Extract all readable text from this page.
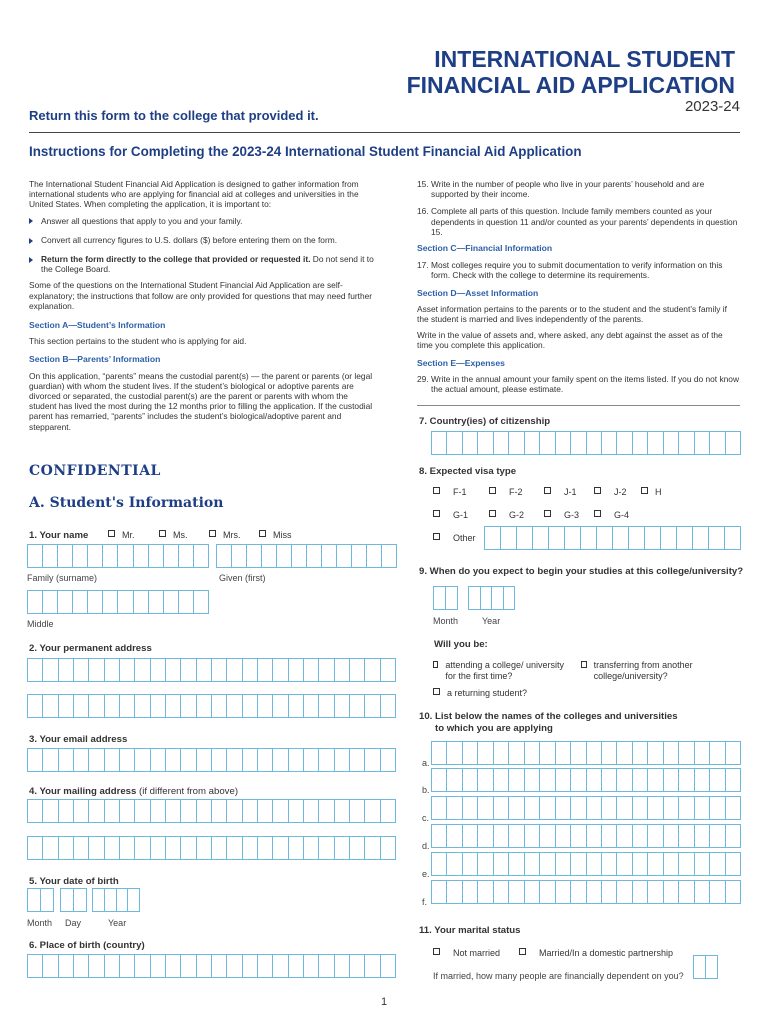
INTERNATIONAL STUDENT
FINANCIAL AID APPLICATION
2023-24
Return this form to the college that provided it.
Instructions for Completing the 2023-24 International Student Financial Aid Application
The International Student Financial Aid Application is designed to gather information from international students who are applying for financial aid at colleges and universities in the United States. When completing the application, it is important to:
Answer all questions that apply to you and your family.
Convert all currency figures to U.S. dollars ($) before entering them on the form.
Return the form directly to the college that provided or requested it. Do not send it to the College Board.
Some of the questions on the International Student Financial Aid Application are self-explanatory; the instructions that follow are only provided for questions that may need further explanation.
Section A—Student’s Information
This section pertains to the student who is applying for aid.
Section B—Parents’ Information
On this application, “parents” means the custodial parent(s) — the parent or parents (or legal guardian) with whom the student lives. If the student’s biological or adoptive parents are divorced or separated, the custodial parent(s) are the parent or parents with whom the student has lived the most during the 12 months prior to filling the application. If the custodial parent has remarried, “parents” includes the student’s biological/adoptive parent and stepparent.
15. Write in the number of people who live in your parents’ household and are supported by their income.
16. Complete all parts of this question. Include family members counted as your dependents in question 11 and/or counted as your parents’ dependents in question 15.
Section C—Financial Information
17. Most colleges require you to submit documentation to verify information on this form. Check with the college to determine its requirements.
Section D—Asset Information
Asset information pertains to the parents or to the student and the student’s family if the student is married and lives independently of the parents.
Write in the value of assets and, where asked, any debt against the asset as of the time you complete this application.
Section E—Expenses
29. Write in the annual amount your family spent on the items listed. If you do not know the actual amount, please estimate.
CONFIDENTIAL
A. Student's Information
1. Your name	Mr.	Ms.	Mrs.	Miss
Family (surname)	Given (first)
Middle
2. Your permanent address
3. Your email address
4. Your mailing address (if different from above)
5. Your date of birth
Month Day	Year
6. Place of birth (country)
7. Country(ies) of citizenship
8. Expected visa type
F-1	F-2	J-1	J-2	H
G-1	G-2	G-3	G-4
Other
9. When do you expect to begin your studies at this college/university?
Month	Year
Will you be:
attending a college/ university for the first time?
transferring from another college/university?
a returning student?
10. List below the names of the colleges and universities
to which you are applying
a.
b.
c.
d.
e.
f.
11. Your marital status
Not married	Married/In a domestic partnership
If married, how many people are financially dependent on you?
1
